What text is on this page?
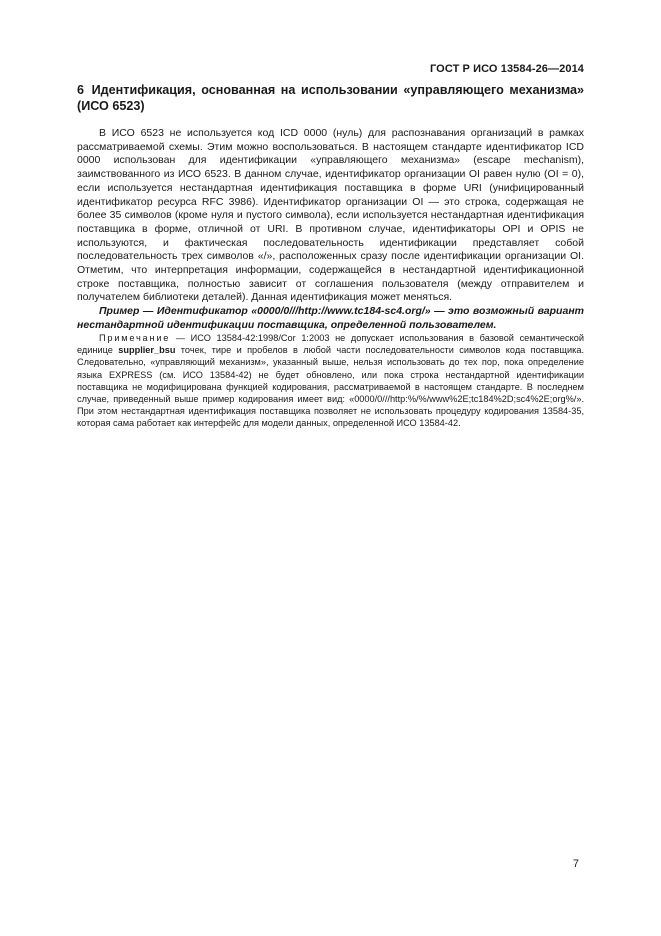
ГОСТ Р ИСО 13584-26—2014
6 Идентификация, основанная на использовании «управляющего механизма» (ИСО 6523)

В ИСО 6523 не используется код ICD 0000 (нуль) для распознавания организаций в рамках рассматриваемой схемы. Этим можно воспользоваться. В настоящем стандарте идентификатор ICD 0000 использован для идентификации «управляющего механизма» (escape mechanism), заимствованного из ИСО 6523. В данном случае, идентификатор организации OI равен нулю (OI = 0), если используется нестандартная идентификация поставщика в форме URI (унифицированный идентификатор ресурса RFC 3986). Идентификатор организации OI — это строка, содержащая не более 35 символов (кроме нуля и пустого символа), если используется нестандартная идентификация поставщика в форме, отличной от URI. В противном случае, идентификаторы OPI и OPIS не используются, и фактическая последовательность идентификации представляет собой последовательность трех символов «/», расположенных сразу после идентификации организации OI. Отметим, что интерпретация информации, содержащейся в нестандартной идентификационной строке поставщика, полностью зависит от соглашения пользователя (между отправителем и получателем библиотеки деталей). Данная идентификация может меняться.

Пример — Идентификатор «0000/0///http://www.tc184-sc4.org/» — это возможный вариант нестандартной идентификации поставщика, определенной пользователем.

Примечание — ИСО 13584-42:1998/Cor 1:2003 не допускает использования в базовой семантической единице supplier_bsu точек, тире и пробелов в любой части последовательности символов кода поставщика. Следовательно, «управляющий механизм», указанный выше, нельзя использовать до тех пор, пока определение языка EXPRESS (см. ИСО 13584-42) не будет обновлено, или пока строка нестандартной идентификации поставщика не модифицирована функцией кодирования, рассматриваемой в настоящем стандарте. В последнем случае, приведенный выше пример кодирования имеет вид: «0000/0///http:%/%/www%2E;tc184%2D;sc4%2E;org%/». При этом нестандартная идентификация поставщика позволяет не использовать процедуру кодирования 13584-35, которая сама работает как интерфейс для модели данных, определенной ИСО 13584-42.

7
